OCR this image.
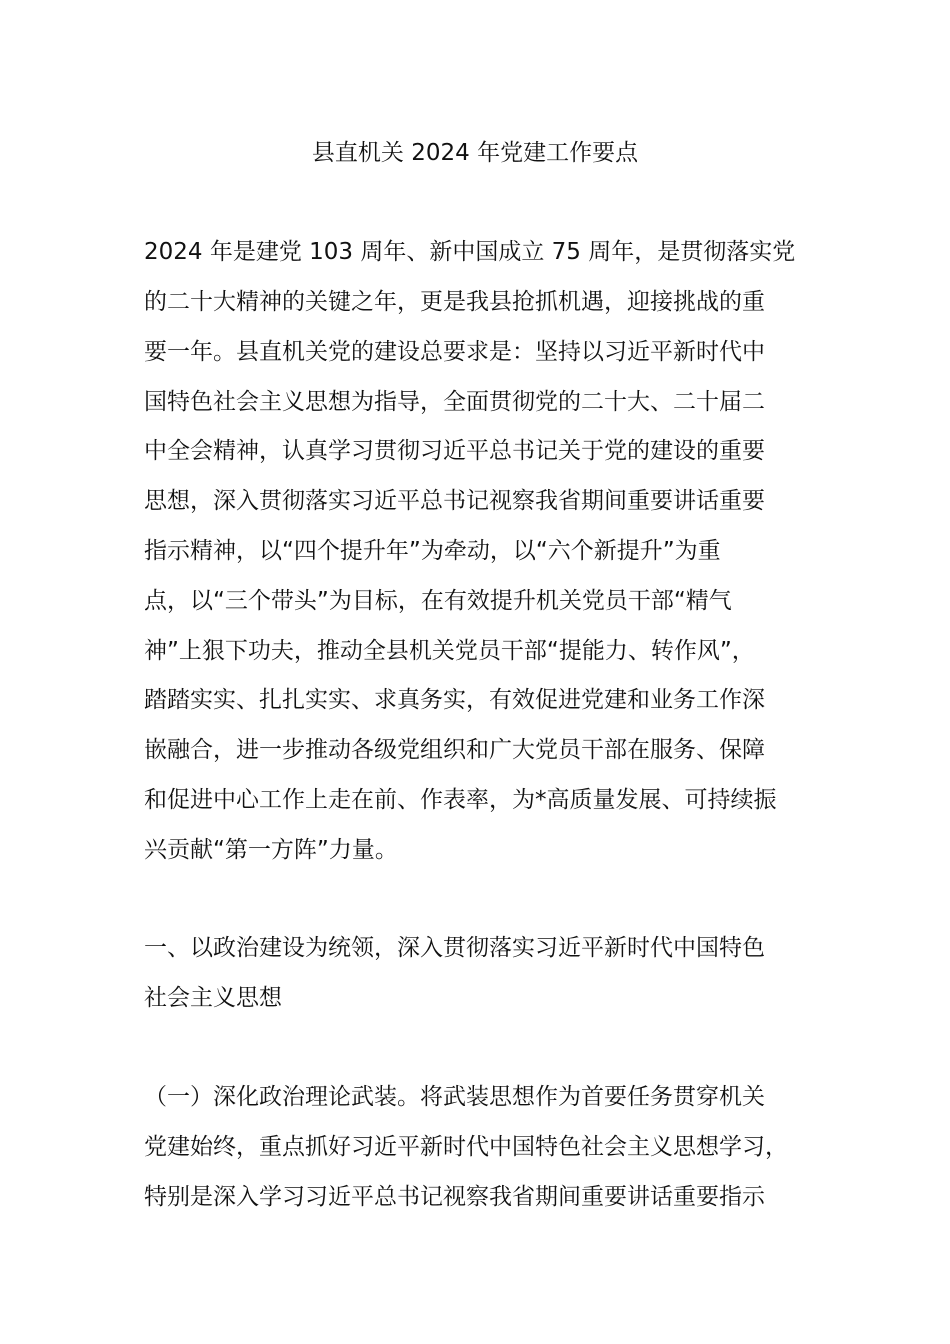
县直机关 2024 年党建工作要点

2024 年是建党 103 周年、新中国成立 75 周年，是贯彻落实党

的二十大精神的关键之年，更是我县抢抓机遇，迎接挑战的重

要一年。县直机关党的建设总要求是：坚持以习近平新时代中

国特色社会主义思想为指导，全面贯彻党的二十大、二十届二

中全会精神，认真学习贯彻习近平总书记关于党的建设的重要

思想，深入贯彻落实习近平总书记视察我省期间重要讲话重要

指示精神，以“四个提升年”为牵动，以“六个新提升”为重

点，以“三个带头”为目标，在有效提升机关党员干部“精气

神”上狠下功夫，推动全县机关党员干部“提能力、转作风”，

踏踏实实、扎扎实实、求真务实，有效促进党建和业务工作深

嵌融合，进一步推动各级党组织和广大党员干部在服务、保障

和促进中心工作上走在前、作表率，为*高质量发展、可持续振

兴贡献“第一方阵”力量。

一、以政治建设为统领，深入贯彻落实习近平新时代中国特色

社会主义思想

（一）深化政治理论武装。将武装思想作为首要任务贯穿机关

党建始终，重点抓好习近平新时代中国特色社会主义思想学习，

特别是深入学习习近平总书记视察我省期间重要讲话重要指示
